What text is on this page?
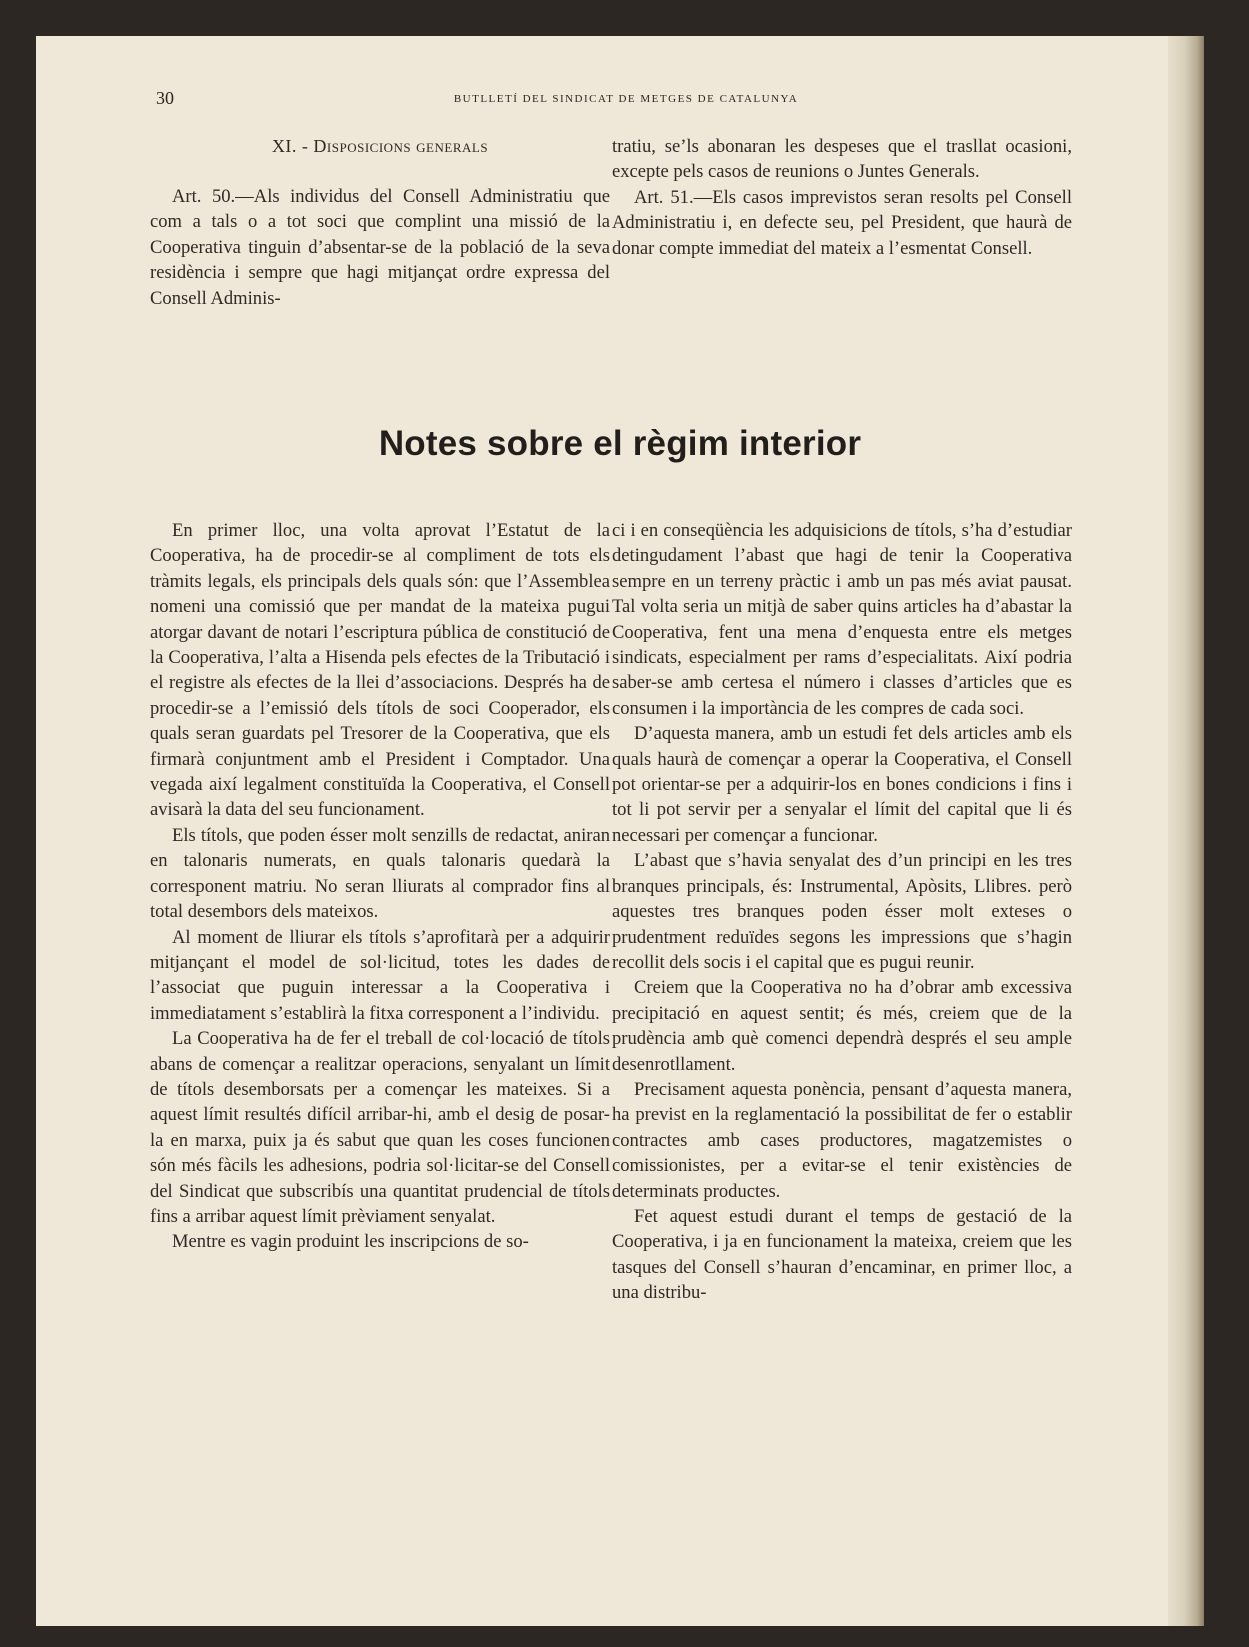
30	BUTLLETÍ DEL SINDICAT DE METGES DE CATALUNYA
XI. - Disposicions generals

Art. 50.—Als individus del Consell Administratiu que com a tals o a tot soci que complint una missió de la Cooperativa tinguin d’absentar-se de la població de la seva residència i sempre que hagi mitjançat ordre expressa del Consell Adminis-

tratiu, se’ls abonaran les despeses que el trasllat ocasioni, excepte pels casos de reunions o Juntes Generals.

Art. 51.—Els casos imprevistos seran resolts pel Consell Administratiu i, en defecte seu, pel President, que haurà de donar compte immediat del mateix a l’esmentat Consell.

Notes sobre el règim interior

En primer lloc, una volta aprovat l’Estatut de la Cooperativa, ha de procedir-se al compliment de tots els tràmits legals, els principals dels quals són: que l’Assemblea nomeni una comissió que per mandat de la mateixa pugui atorgar davant de notari l’escriptura pública de constitució de la Cooperativa, l’alta a Hisenda pels efectes de la Tributació i el registre als efectes de la llei d’associacions. Després ha de procedir-se a l’emissió dels títols de soci Cooperador, els quals seran guardats pel Tresorer de la Cooperativa, que els firmarà conjuntment amb el President i Comptador. Una vegada així legalment constituïda la Cooperativa, el Consell avisarà la data del seu funcionament.

Els títols, que poden ésser molt senzills de redactat, aniran en talonaris numerats, en quals talonaris quedarà la corresponent matriu. No seran lliurats al comprador fins al total desembors dels mateixos.

Al moment de lliurar els títols s’aprofitarà per a adquirir mitjançant el model de sol·licitud, totes les dades de l’associat que puguin interessar a la Cooperativa i immediatament s’establirà la fitxa corresponent a l’individu.

La Cooperativa ha de fer el treball de col·locació de títols abans de començar a realitzar operacions, senyalant un límit de títols desemborsats per a començar les mateixes. Si a aquest límit resultés difícil arribar-hi, amb el desig de posar-la en marxa, puix ja és sabut que quan les coses funcionen són més fàcils les adhesions, podria sol·licitar-se del Consell del Sindicat que subscribís una quantitat prudencial de títols fins a arribar aquest límit prèviament senyalat.

Mentre es vagin produint les inscripcions de so-

ci i en conseqüència les adquisicions de títols, s’ha d’estudiar detingudament l’abast que hagi de tenir la Cooperativa sempre en un terreny pràctic i amb un pas més aviat pausat. Tal volta seria un mitjà de saber quins articles ha d’abastar la Cooperativa, fent una mena d’enquesta entre els metges sindicats, especialment per rams d’especialitats. Així podria saber-se amb certesa el número i classes d’articles que es consumen i la importància de les compres de cada soci.

D’aquesta manera, amb un estudi fet dels articles amb els quals haurà de començar a operar la Cooperativa, el Consell pot orientar-se per a adquirir-los en bones condicions i fins i tot li pot servir per a senyalar el límit del capital que li és necessari per començar a funcionar.

L’abast que s’havia senyalat des d’un principi en les tres branques principals, és: Instrumental, Apòsits, Llibres. però aquestes tres branques poden ésser molt exteses o prudentment reduïdes segons les impressions que s’hagin recollit dels socis i el capital que es pugui reunir.

Creiem que la Cooperativa no ha d’obrar amb excessiva precipitació en aquest sentit; és més, creiem que de la prudència amb què comenci dependrà després el seu ample desenrotllament.

Precisament aquesta ponència, pensant d’aquesta manera, ha previst en la reglamentació la possibilitat de fer o establir contractes amb cases productores, magatzemistes o comissionistes, per a evitar-se el tenir existències de determinats productes.

Fet aquest estudi durant el temps de gestació de la Cooperativa, i ja en funcionament la mateixa, creiem que les tasques del Consell s’hauran d’encaminar, en primer lloc, a una distribu-
